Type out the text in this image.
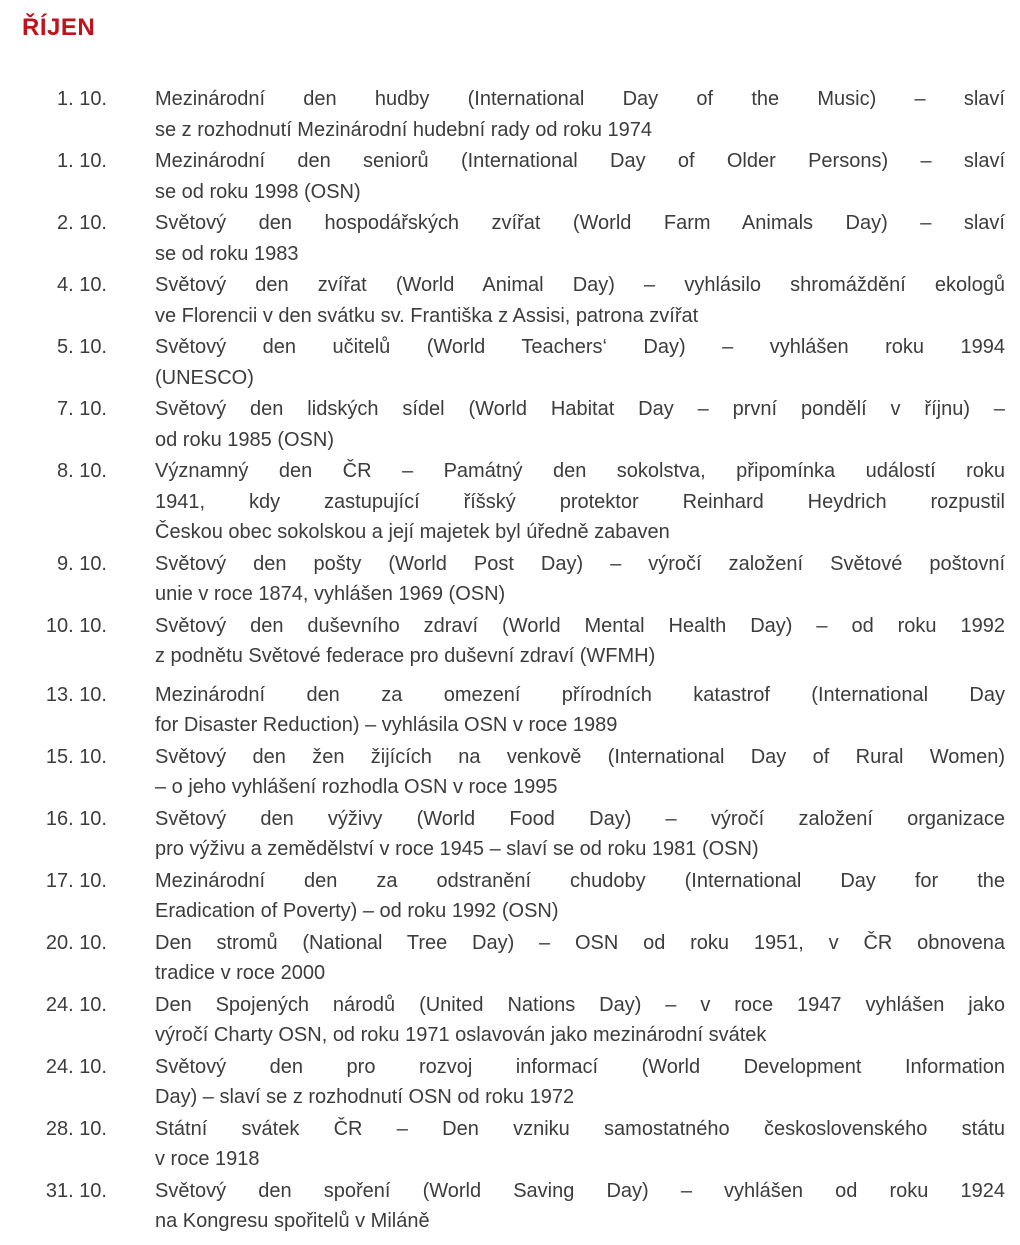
ŘÍJEN
1. 10. Mezinárodní den hudby (International Day of the Music) – slaví
se z rozhodnutí Mezinárodní hudební rady od roku 1974
1. 10. Mezinárodní den seniorů (International Day of Older Persons) – slaví
se od roku 1998 (OSN)
2. 10. Světový den hospodářských zvířat (World Farm Animals Day) – slaví
se od roku 1983
4. 10. Světový den zvířat (World Animal Day) – vyhlásilo shromáždění ekologů
ve Florencii v den svátku sv. Františka z Assisi, patrona zvířat
5. 10. Světový den učitelů (World Teachers‘ Day) – vyhlášen roku 1994
(UNESCO)
7. 10. Světový den lidských sídel (World Habitat Day – první pondělí v říjnu) –
od roku 1985 (OSN)
8. 10. Významný den ČR – Památný den sokolstva, připomínka událostí roku
1941, kdy zastupující říšský protektor Reinhard Heydrich rozpustil
Českou obec sokolskou a její majetek byl úředně zabaven
9. 10. Světový den pošty (World Post Day) – výročí založení Světové poštovní
unie v roce 1874, vyhlášen 1969 (OSN)
10. 10. Světový den duševního zdraví (World Mental Health Day) – od roku 1992
z podnětu Světové federace pro duševní zdraví (WFMH)
13. 10. Mezinárodní den za omezení přírodních katastrof (International Day
for Disaster Reduction) – vyhlásila OSN v roce 1989
15. 10. Světový den žen žijících na venkově (International Day of Rural Women)
– o jeho vyhlášení rozhodla OSN v roce 1995
16. 10. Světový den výživy (World Food Day) – výročí založení organizace
pro výživu a zemědělství v roce 1945 – slaví se od roku 1981 (OSN)
17. 10. Mezinárodní den za odstranění chudoby (International Day for the
Eradication of Poverty) – od roku 1992 (OSN)
20. 10. Den stromů (National Tree Day) – OSN od roku 1951, v ČR obnovena
tradice v roce 2000
24. 10. Den Spojených národů (United Nations Day) – v roce 1947 vyhlášen jako
výročí Charty OSN, od roku 1971 oslavován jako mezinárodní svátek
24. 10. Světový den pro rozvoj informací (World Development Information
Day) – slaví se z rozhodnutí OSN od roku 1972
28. 10. Státní svátek ČR – Den vzniku samostatného československého státu
v roce 1918
31. 10. Světový den spoření (World Saving Day) – vyhlášen od roku 1924
na Kongresu spořitelů v Miláně
